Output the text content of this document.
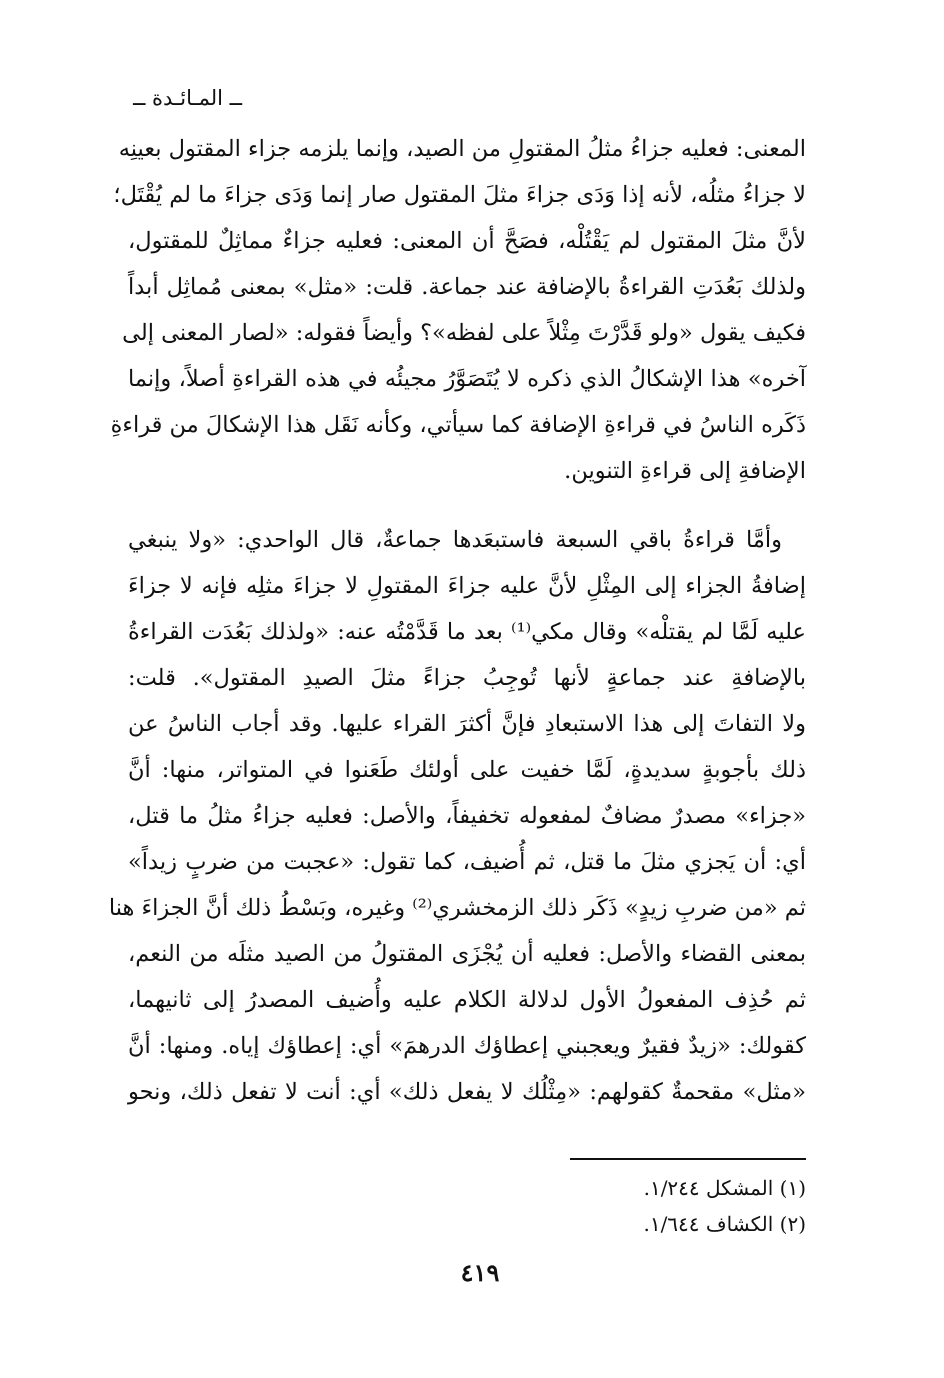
ــ المـائـدة ــ
المعنى: فعليه جزاءُ مثلُ المقتولِ من الصيد، وإنما يلزمه جزاء المقتول بعينِه
لا جزاءُ مثلُه، لأنه إذا وَدَى جزاءَ مثلَ المقتول صار إنما وَدَى جزاءَ ما لم يُقْتَل؛
لأنَّ مثلَ المقتول لم يَقْتُلْه، فصَحَّ أن المعنى: فعليه جزاءٌ مماثِلٌ للمقتول،
ولذلك بَعُدَتِ القراءةُ بالإضافة عند جماعة. قلت: «مثل» بمعنى مُماثِل أبداً
فكيف يقول «ولو قَدَّرْتَ مِثْلاً على لفظه»؟ وأيضاً فقوله: «لصار المعنى إلى
آخره» هذا الإشكالُ الذي ذكره لا يُتَصَوَّرُ مجيئُه في هذه القراءةِ أصلاً، وإنما
ذَكَره الناسُ في قراءةِ الإضافة كما سيأتي، وكأنه نَقَل هذا الإشكالَ من قراءةِ
الإضافةِ إلى قراءةِ التنوين.
وأمَّا قراءةُ باقي السبعة فاستبعَدها جماعةٌ، قال الواحدي: «ولا ينبغي
إضافةُ الجزاء إلى المِثْلِ لأنَّ عليه جزاءَ المقتولِ لا جزاءَ مثلِه فإنه لا جزاءَ
عليه لَمَّا لم يقتلْه» وقال مكي⁽¹⁾ بعد ما قَدَّمْتُه عنه: «ولذلك بَعُدَت القراءةُ
بالإضافةِ عند جماعةٍ لأنها تُوجِبُ جزاءً مثلَ الصيدِ المقتول». قلت:
ولا التفاتَ إلى هذا الاستبعادِ فإنَّ أكثرَ القراء عليها. وقد أجاب الناسُ عن
ذلك بأجوبةٍ سديدةٍ، لَمَّا خفيت على أولئك طَعَنوا في المتواتر، منها: أنَّ
«جزاء» مصدرٌ مضافٌ لمفعوله تخفيفاً، والأصل: فعليه جزاءُ مثلُ ما قتل،
أي: أن يَجزي مثلَ ما قتل، ثم أُضيف، كما تقول: «عجبت من ضربٍ زيداً»
ثم «من ضربِ زيدٍ» ذَكَر ذلك الزمخشري⁽²⁾ وغيره، وبَسْطُ ذلك أنَّ الجزاءَ هنا
بمعنى القضاء والأصل: فعليه أن يُجْزَى المقتولُ من الصيد مثلَه من النعم،
ثم حُذِف المفعولُ الأول لدلالة الكلام عليه وأُضيف المصدرُ إلى ثانيهما،
كقولك: «زيدٌ فقيرٌ ويعجبني إعطاؤك الدرهمَ» أي: إعطاؤك إياه. ومنها: أنَّ
«مثل» مقحمةٌ كقولهم: «مِثْلُك لا يفعل ذلك» أي: أنت لا تفعل ذلك، ونحو
(١) المشكل ١/٢٤٤.
(٢) الكشاف ١/٦٤٤.
٤١٩
